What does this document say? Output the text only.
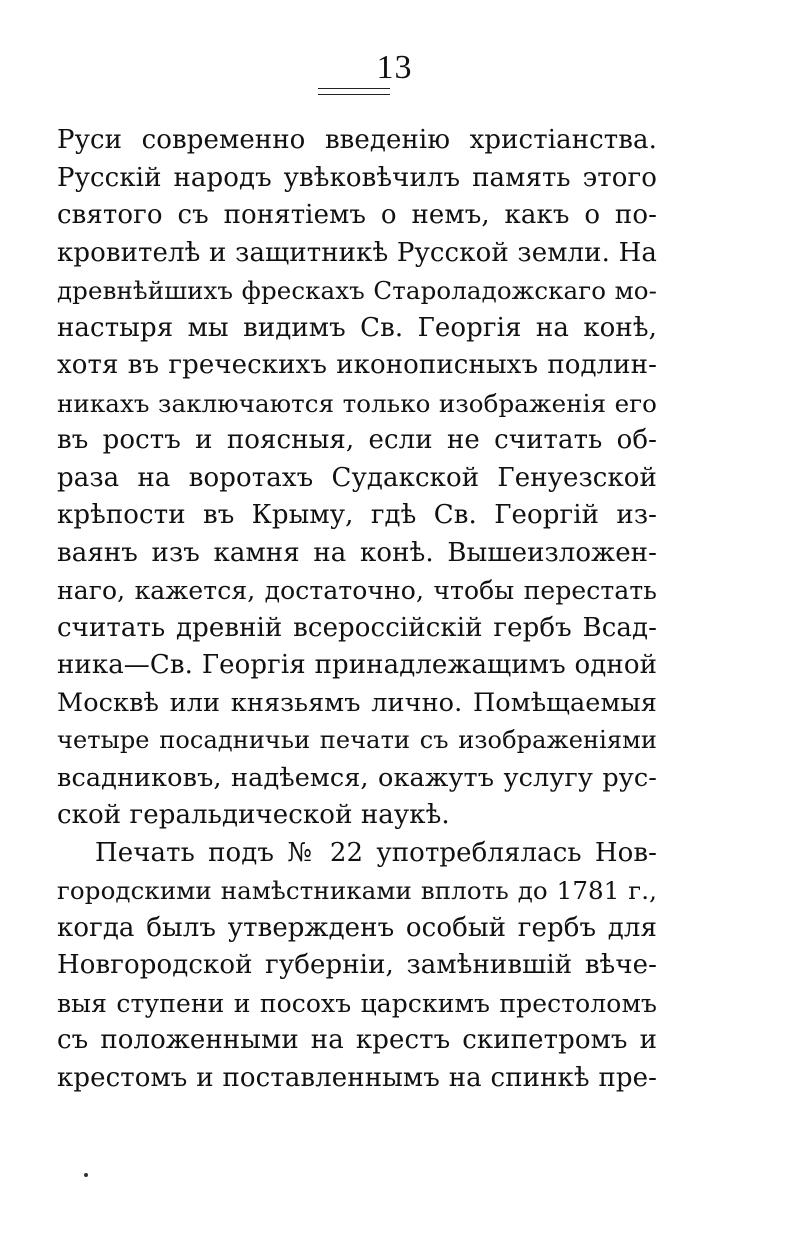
13
Руси современно введенію христіанства.
Русскій народъ увѣковѣчилъ память этого
святого съ понятіемъ о немъ, какъ о по-
кровителѣ и защитникѣ Русской земли. На
древнѣйшихъ фрескахъ Староладожскаго мо-
настыря мы видимъ Св. Георгія на конѣ,
хотя въ греческихъ иконописныхъ подлин-
никахъ заключаются только изображенія его
въ ростъ и поясныя, если не считать об-
раза на воротахъ Судакской Генуезской
крѣпости въ Крыму, гдѣ Св. Георгій из-
ваянъ изъ камня на конѣ. Вышеизложен-
наго, кажется, достаточно, чтобы перестать
считать древній всероссійскій гербъ Всад-
ника—Св. Георгія принадлежащимъ одной
Москвѣ или князьямъ лично. Помѣщаемыя
четыре посадничьи печати съ изображеніями
всадниковъ, надѣемся, окажутъ услугу рус-
ской геральдической наукѣ.
Печать подъ № 22 употреблялась Нов-
городскими намѣстниками вплоть до 1781 г.,
когда былъ утвержденъ особый гербъ для
Новгородской губерніи, замѣнившій вѣче-
выя ступени и посохъ царскимъ престоломъ
съ положенными на крестъ скипетромъ и
крестомъ и поставленнымъ на спинкѣ пре-
